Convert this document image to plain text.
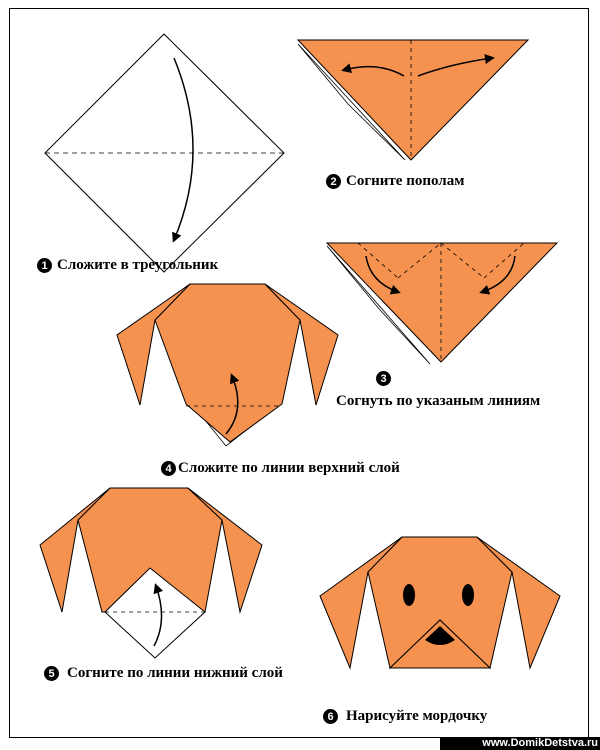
1 Сложите в треугольник
2 Согните пополам
3
Согнуть по указаным линиям
4 Сложите по линии верхний слой
5 Согните по линии нижний слой
6 Нарисуйте мордочку
www.DomikDetstva.ru
